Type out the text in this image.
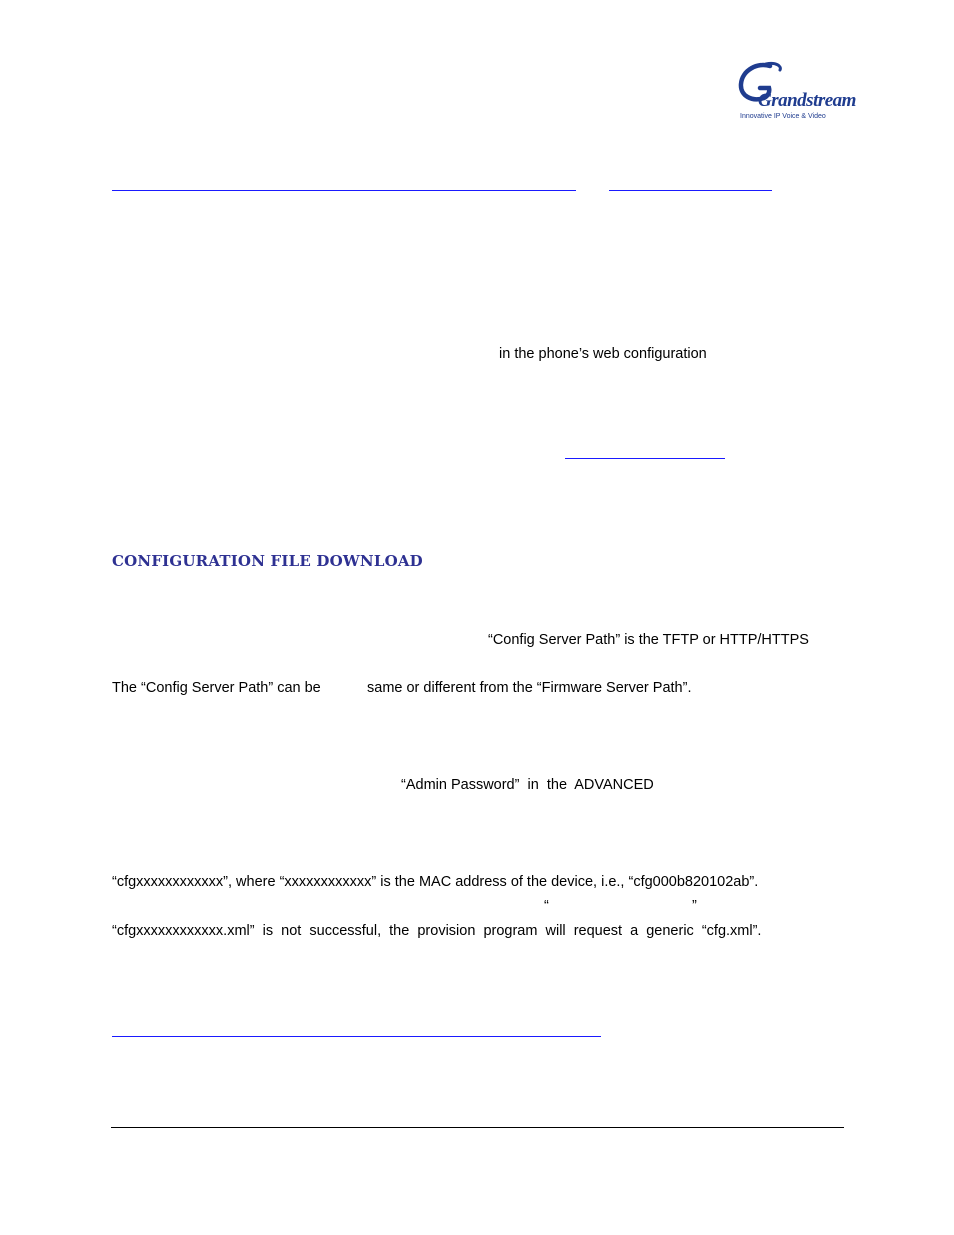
Grandstream
Innovative IP Voice & Video
in the phone’s web configuration
CONFIGURATION FILE DOWNLOAD
“Config Server Path” is the TFTP or HTTP/HTTPS
The “Config Server Path” can be	same or different from the “Firmware Server Path”.
“Admin Password”  in  the  ADVANCED
“cfgxxxxxxxxxxxx”, where “xxxxxxxxxxxx” is the MAC address of the device, i.e., “cfg000b820102ab”.
“	”
“cfgxxxxxxxxxxxx.xml”  is  not  successful,  the  provision  program  will  request  a  generic  “cfg.xml”.
